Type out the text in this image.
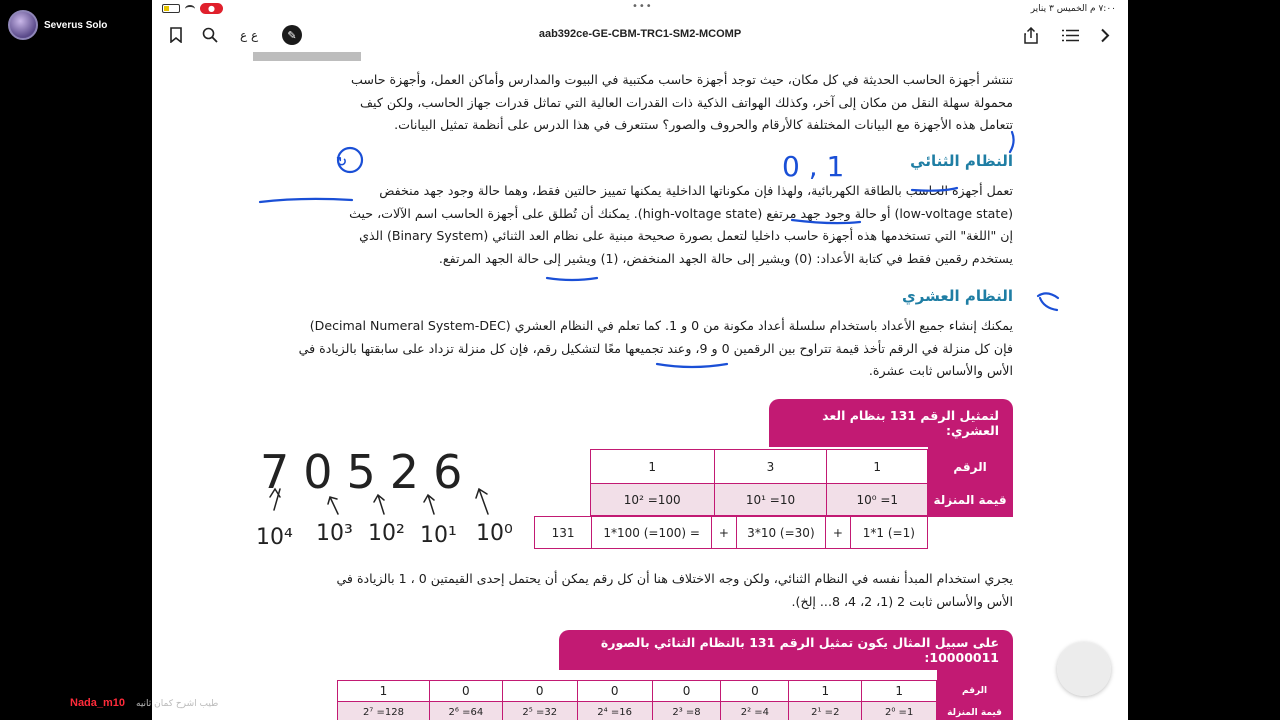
Severus Solo
●	•••	٧:٠٠ م الخميس ٣ يناير
ع ع	✎	aab392ce-GE-CBM-TRC1-SM2-MCOMP
تنتشر أجهزة الحاسب الحديثة في كل مكان، حيث توجد أجهزة حاسب مكتبية في البيوت والمدارس وأماكن العمل، وأجهزة حاسب
محمولة سهلة النقل من مكان إلى آخر، وكذلك الهواتف الذكية ذات القدرات العالية التي تماثل قدرات جهاز الحاسب، ولكن كيف
تتعامل هذه الأجهزة مع البيانات المختلفة كالأرقام والحروف والصور؟ ستتعرف في هذا الدرس على أنظمة تمثيل البيانات.
النظام الثنائي
تعمل أجهزة الحاسب بالطاقة الكهربائية، ولهذا فإن مكوناتها الداخلية يمكنها تمييز حالتين فقط، وهما حالة وجود جهد منخفض
(low-voltage state) أو حالة وجود جهد مرتفع (high-voltage state). يمكنك أن تُطلق على أجهزة الحاسب اسم الآلات، حيث
إن "اللغة" التي تستخدمها هذه أجهزة حاسب داخليا لتعمل بصورة صحيحة مبنية على نظام العد الثنائي (Binary System) الذي
يستخدم رقمين فقط في كتابة الأعداد: (0) ويشير إلى حالة الجهد المنخفض، (1) ويشير إلى حالة الجهد المرتفع.
النظام العشري
يمكنك إنشاء جميع الأعداد باستخدام سلسلة أعداد مكونة من 0 و 1. كما تعلم في النظام العشري (Decimal Numeral System-DEC)
فإن كل منزلة في الرقم تأخذ قيمة تتراوح بين الرقمين 0 و 9، وعند تجميعها معًا لتشكيل رقم، فإن كل منزلة تزداد على سابقتها بالزيادة في
الأس والأساس ثابت عشرة.
لتمثيل الرقم 131 بنظام العد العشري:
الرقم	1	3	1	
قيمة المنزلة	1= 10⁰	10= 10¹	100= 10²	
(1=) 1*1	+	(30=) 10*3	+	= (100=) 100*1	131
يجري استخدام المبدأ نفسه في النظام الثنائي، ولكن وجه الاختلاف هنا أن كل رقم يمكن أن يحتمل إحدى القيمتين 0 ، 1 بالزيادة في
الأس والأساس ثابت 2 (1، 2، 4، 8... إلخ).
على سبيل المثال يكون تمثيل الرقم 131 بالنظام الثنائي بالصورة 10000011:
الرقم	1	1	0	0	0	0	0	1
قيمة المنزلة	1= 2⁰	2= 2¹	4= 2²	8= 2³	16= 2⁴	32= 2⁵	64= 2⁶	128= 2⁷
0 , 1
↻
70526
10⁴ 10³ 10² 10¹ 10⁰
Nada_m10 طيب اشرح كمان ثانيه
